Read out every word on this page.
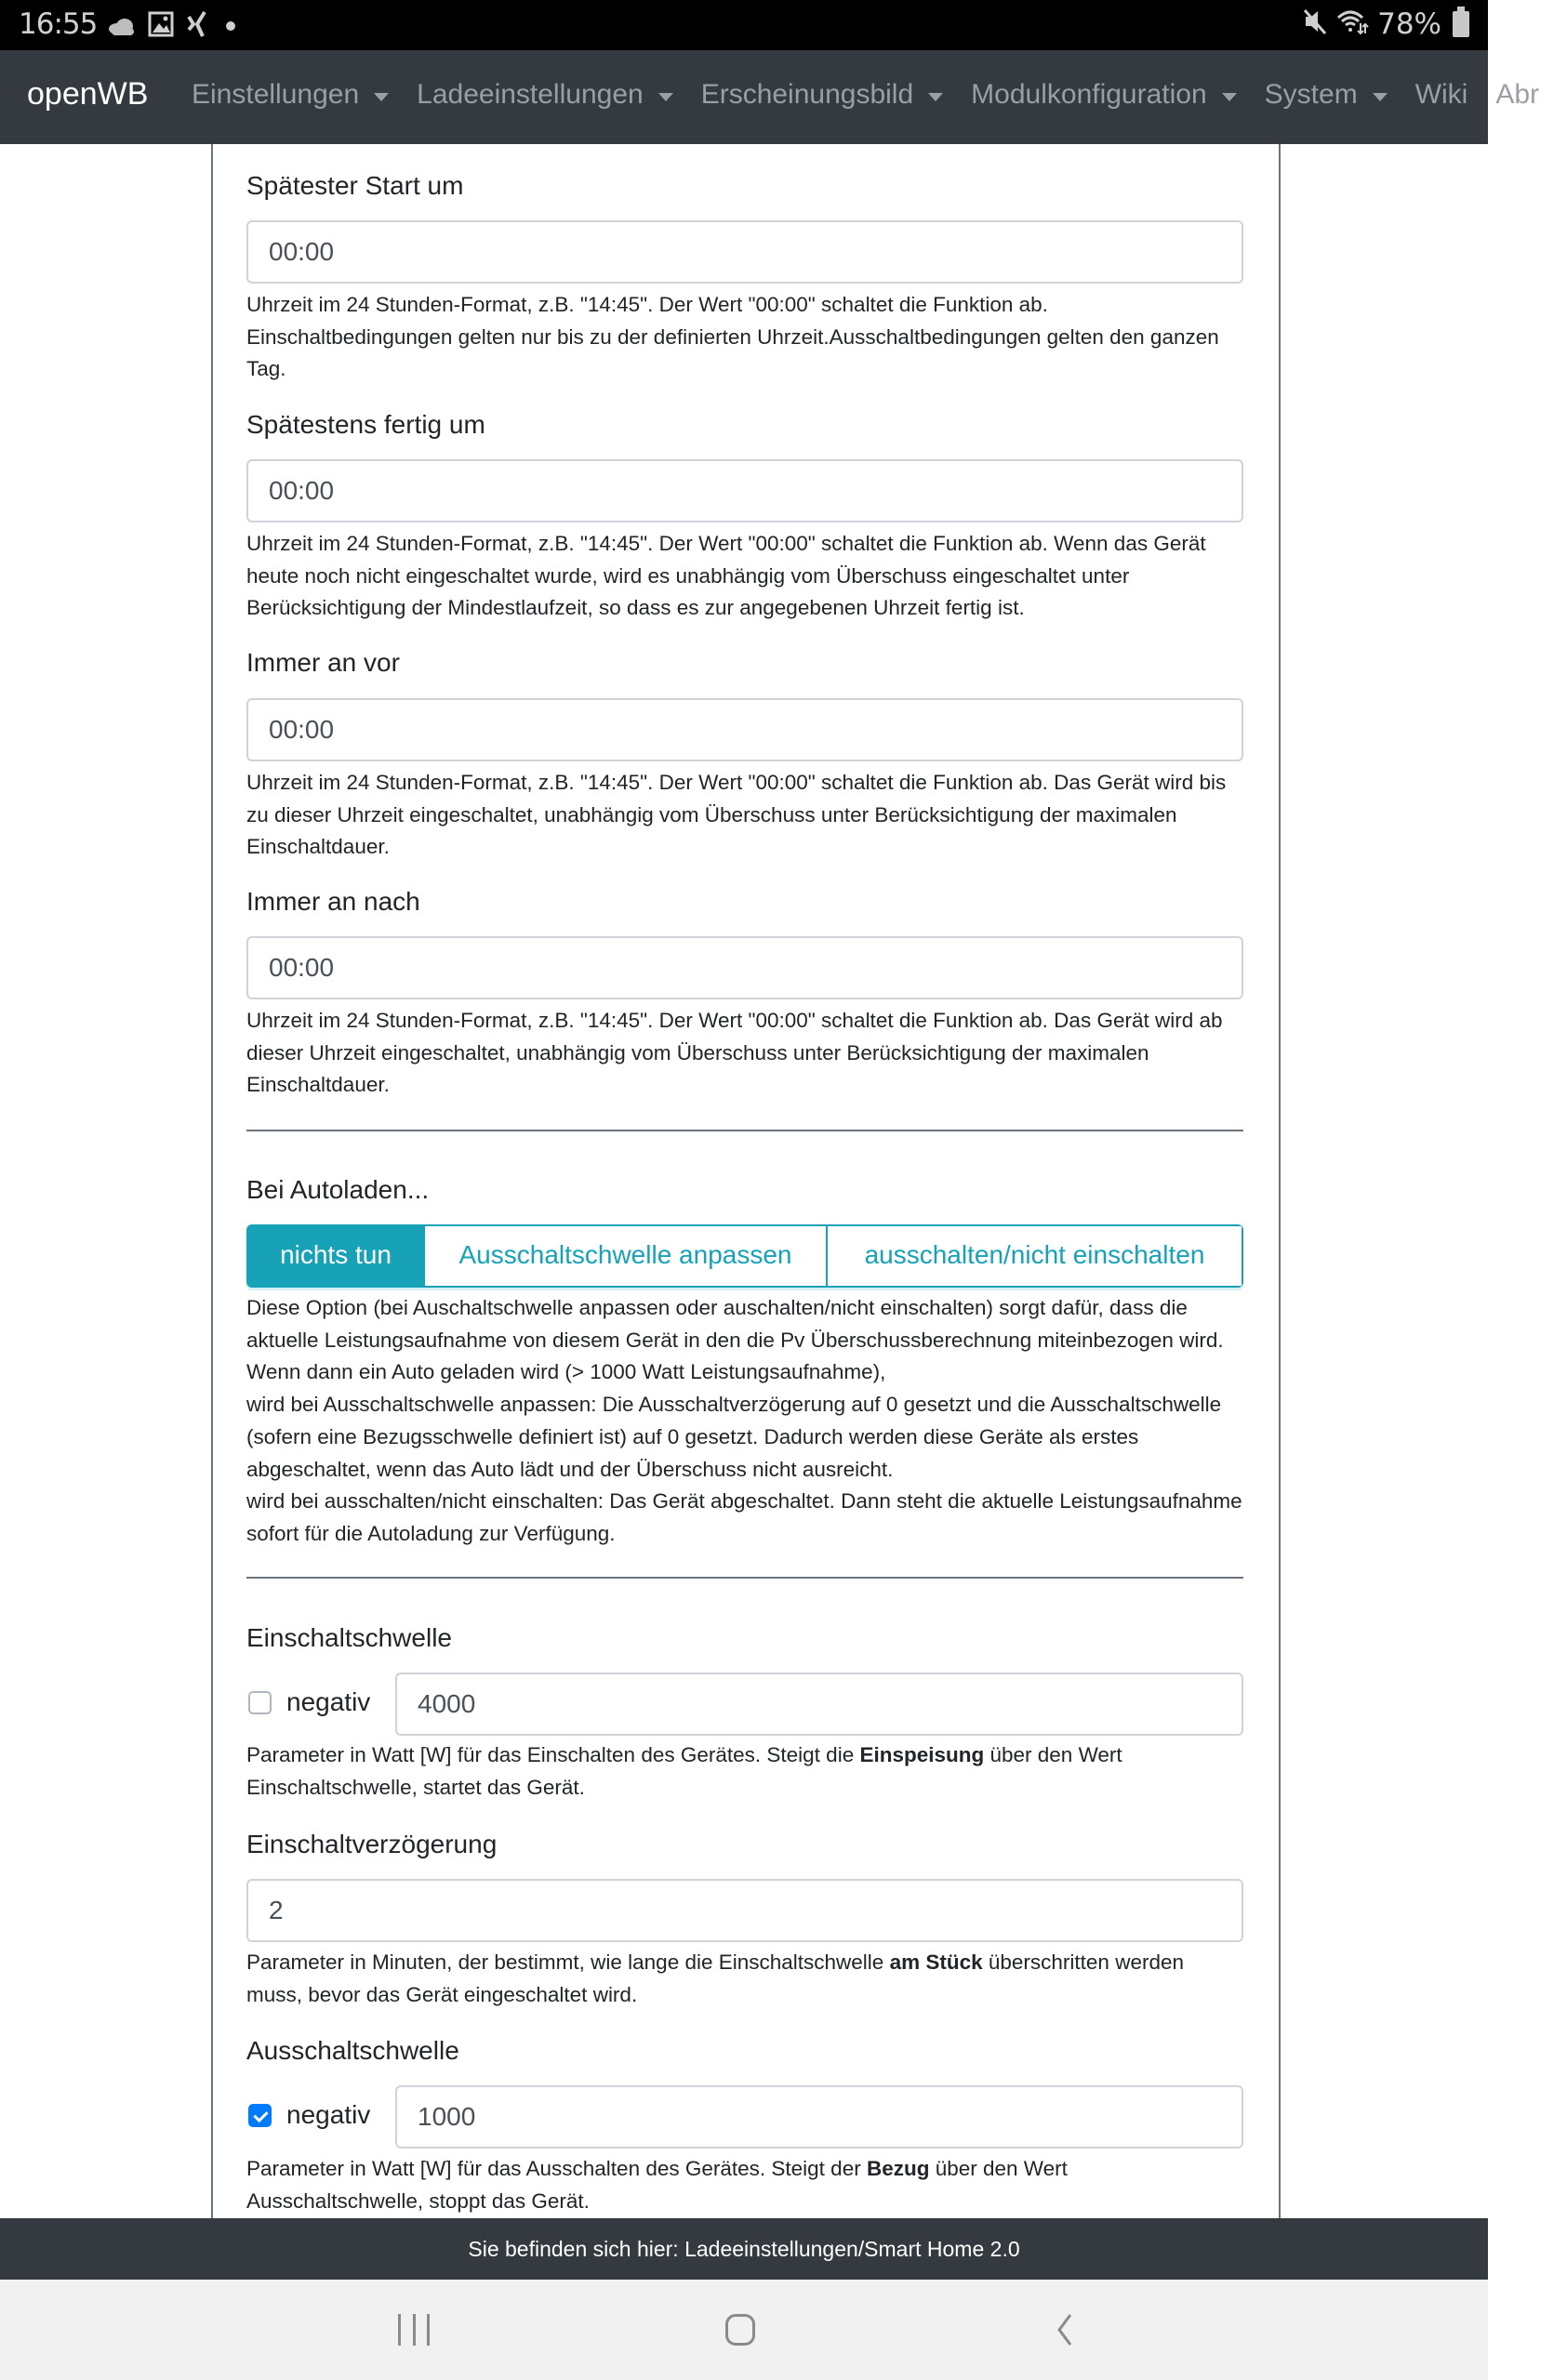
16:55	78%
openWB Einstellungen Ladeeinstellungen Erscheinungsbild Modulkonfiguration System Wiki Abr
Spätester Start um
00:00
Uhrzeit im 24 Stunden-Format, z.B. "14:45". Der Wert "00:00" schaltet die Funktion ab. Einschaltbedingungen gelten nur bis zu der definierten Uhrzeit.Ausschaltbedingungen gelten den ganzen Tag.
Spätestens fertig um
00:00
Uhrzeit im 24 Stunden-Format, z.B. "14:45". Der Wert "00:00" schaltet die Funktion ab. Wenn das Gerät heute noch nicht eingeschaltet wurde, wird es unabhängig vom Überschuss eingeschaltet unter Berücksichtigung der Mindestlaufzeit, so dass es zur angegebenen Uhrzeit fertig ist.
Immer an vor
00:00
Uhrzeit im 24 Stunden-Format, z.B. "14:45". Der Wert "00:00" schaltet die Funktion ab. Das Gerät wird bis zu dieser Uhrzeit eingeschaltet, unabhängig vom Überschuss unter Berücksichtigung der maximalen Einschaltdauer.
Immer an nach
00:00
Uhrzeit im 24 Stunden-Format, z.B. "14:45". Der Wert "00:00" schaltet die Funktion ab. Das Gerät wird ab dieser Uhrzeit eingeschaltet, unabhängig vom Überschuss unter Berücksichtigung der maximalen Einschaltdauer.
Bei Autoladen...
nichts tun	Ausschaltschwelle anpassen	ausschalten/nicht einschalten
Diese Option (bei Auschaltschwelle anpassen oder auschalten/nicht einschalten) sorgt dafür, dass die aktuelle Leistungsaufnahme von diesem Gerät in den die Pv Überschussberechnung miteinbezogen wird. Wenn dann ein Auto geladen wird (> 1000 Watt Leistungsaufnahme),
wird bei Ausschaltschwelle anpassen: Die Ausschaltverzögerung auf 0 gesetzt und die Ausschaltschwelle (sofern eine Bezugsschwelle definiert ist) auf 0 gesetzt. Dadurch werden diese Geräte als erstes abgeschaltet, wenn das Auto lädt und der Überschuss nicht ausreicht.
wird bei ausschalten/nicht einschalten: Das Gerät abgeschaltet. Dann steht die aktuelle Leistungsaufnahme sofort für die Autoladung zur Verfügung.
Einschaltschwelle
negativ	4000
Parameter in Watt [W] für das Einschalten des Gerätes. Steigt die Einspeisung über den Wert Einschaltschwelle, startet das Gerät.
Einschaltverzögerung
2
Parameter in Minuten, der bestimmt, wie lange die Einschaltschwelle am Stück überschritten werden muss, bevor das Gerät eingeschaltet wird.
Ausschaltschwelle
negativ	1000
Parameter in Watt [W] für das Ausschalten des Gerätes. Steigt der Bezug über den Wert Ausschaltschwelle, stoppt das Gerät.
Sie befinden sich hier: Ladeeinstellungen/Smart Home 2.0
